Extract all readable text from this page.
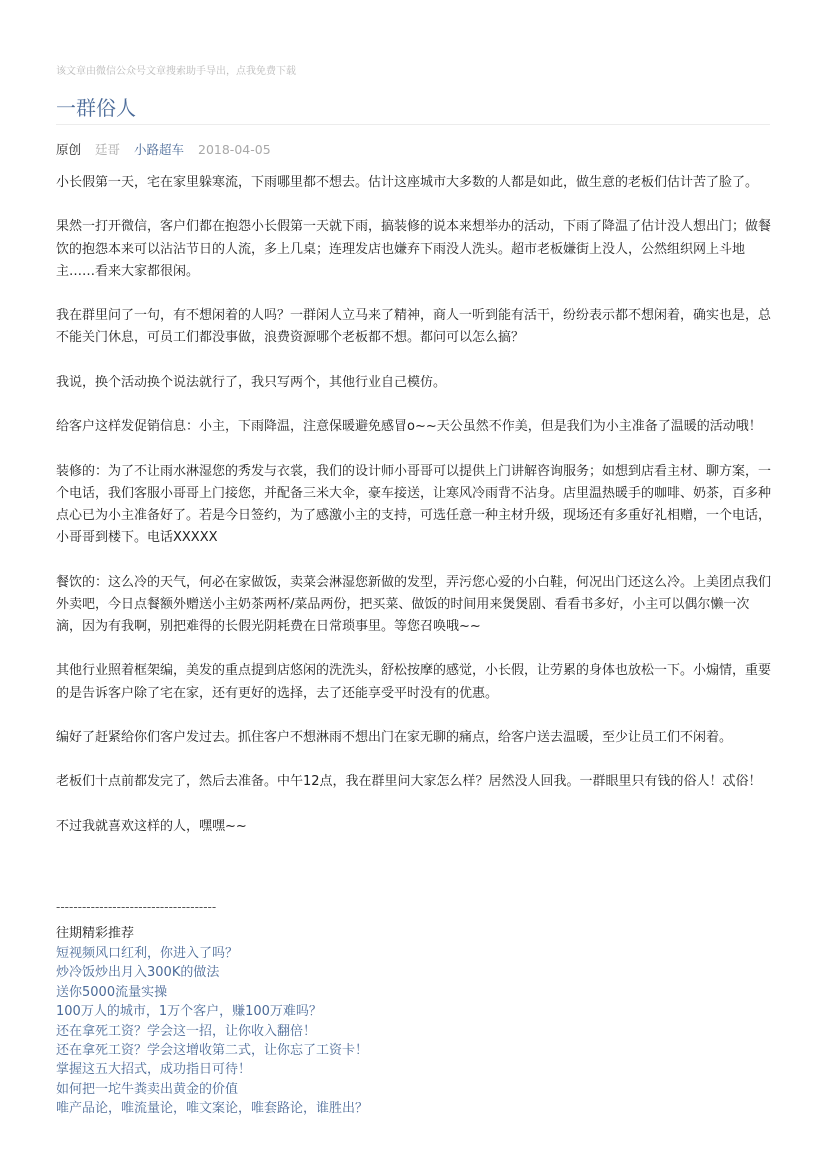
该文章由微信公众号文章搜索助手导出，点我免费下载
一群俗人
原创 廷哥 小路超车 2018-04-05

小长假第一天，宅在家里躲寒流，下雨哪里都不想去。估计这座城市大多数的人都是如此，做生意的老板们估计苦了脸了。

果然一打开微信，客户们都在抱怨小长假第一天就下雨，搞装修的说本来想举办的活动，下雨了降温了估计没人想出门；做餐饮的抱怨本来可以沾沾节日的人流，多上几桌；连理发店也嫌弃下雨没人洗头。超市老板嫌街上没人，公然组织网上斗地主……看来大家都很闲。

我在群里问了一句，有不想闲着的人吗？一群闲人立马来了精神，商人一听到能有活干，纷纷表示都不想闲着，确实也是，总不能关门休息，可员工们都没事做，浪费资源哪个老板都不想。都问可以怎么搞？

我说，换个活动换个说法就行了，我只写两个，其他行业自己模仿。

给客户这样发促销信息：小主，下雨降温，注意保暖避免感冒o~~天公虽然不作美，但是我们为小主准备了温暖的活动哦！

装修的：为了不让雨水淋湿您的秀发与衣裳，我们的设计师小哥哥可以提供上门讲解咨询服务；如想到店看主材、聊方案，一个电话，我们客服小哥哥上门接您，并配备三米大伞，豪车接送，让寒风冷雨背不沾身。店里温热暖手的咖啡、奶茶，百多种点心已为小主准备好了。若是今日签约，为了感激小主的支持，可选任意一种主材升级，现场还有多重好礼相赠，一个电话，小哥哥到楼下。电话XXXXX

餐饮的：这么冷的天气，何必在家做饭，卖菜会淋湿您新做的发型，弄污您心爱的小白鞋，何况出门还这么冷。上美团点我们外卖吧，今日点餐额外赠送小主奶茶两杯/菜品两份，把买菜、做饭的时间用来煲煲剧、看看书多好，小主可以偶尔懒一次滴，因为有我啊，别把难得的长假光阴耗费在日常琐事里。等您召唤哦~~

其他行业照着框架编，美发的重点提到店悠闲的洗洗头，舒松按摩的感觉，小长假，让劳累的身体也放松一下。小煽情，重要的是告诉客户除了宅在家，还有更好的选择，去了还能享受平时没有的优惠。

编好了赶紧给你们客户发过去。抓住客户不想淋雨不想出门在家无聊的痛点，给客户送去温暖，至少让员工们不闲着。

老板们十点前都发完了，然后去准备。中午12点，我在群里问大家怎么样？居然没人回我。一群眼里只有钱的俗人！忒俗！

不过我就喜欢这样的人，嘿嘿~~

-------------------------------------
往期精彩推荐
短视频风口红利，你进入了吗？
炒冷饭炒出月入300K的做法
送你5000流量实操
100万人的城市，1万个客户，赚100万难吗？
还在拿死工资？学会这一招，让你收入翻倍！
还在拿死工资？学会这增收第二式，让你忘了工资卡！
掌握这五大招式，成功指日可待！
如何把一坨牛粪卖出黄金的价值
唯产品论，唯流量论，唯文案论，唯套路论，谁胜出？
